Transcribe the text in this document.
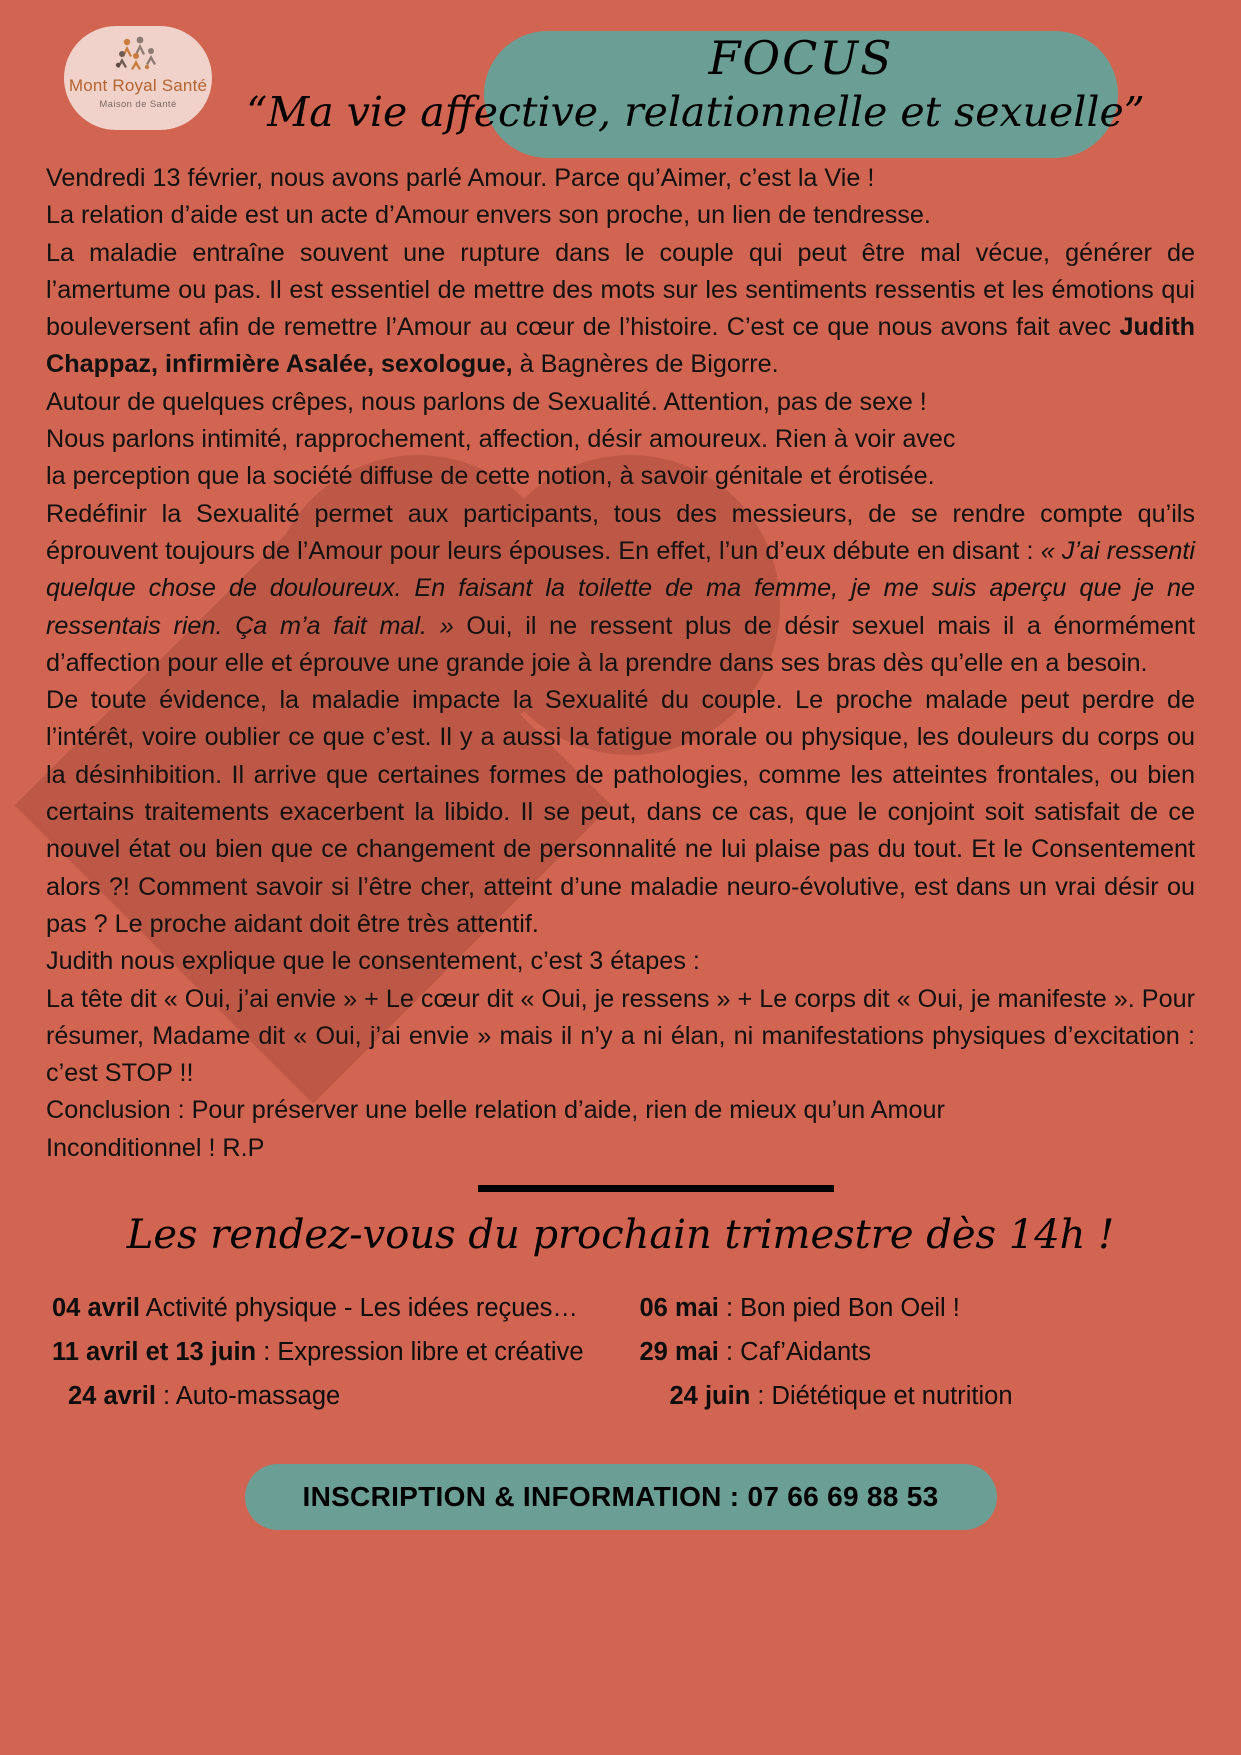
Mont Royal Santé
Maison de Santé
FOCUS
“Ma vie affective, relationnelle et sexuelle”

Vendredi 13 février, nous avons parlé Amour. Parce qu’Aimer, c’est la Vie !

La relation d’aide est un acte d’Amour envers son proche, un lien de tendresse.

La maladie entraîne souvent une rupture dans le couple qui peut être mal vécue, générer de l’amertume ou pas. Il est essentiel de mettre des mots sur les sentiments ressentis et les émotions qui bouleversent afin de remettre l’Amour au cœur de l’histoire. C’est ce que nous avons fait avec Judith Chappaz, infirmière Asalée, sexologue, à Bagnères de Bigorre.

Autour de quelques crêpes, nous parlons de Sexualité. Attention, pas de sexe !

Nous parlons intimité, rapprochement, affection, désir amoureux. Rien à voir avec

la perception que la société diffuse de cette notion, à savoir génitale et érotisée.

Redéfinir la Sexualité permet aux participants, tous des messieurs, de se rendre compte qu’ils éprouvent toujours de l’Amour pour leurs épouses. En effet, l’un d’eux débute en disant : « J’ai ressenti quelque chose de douloureux. En faisant la toilette de ma femme, je me suis aperçu que je ne ressentais rien. Ça m’a fait mal. » Oui, il ne ressent plus de désir sexuel mais il a énormément d’affection pour elle et éprouve une grande joie à la prendre dans ses bras dès qu’elle en a besoin.

De toute évidence, la maladie impacte la Sexualité du couple. Le proche malade peut perdre de l’intérêt, voire oublier ce que c’est. Il y a aussi la fatigue morale ou physique, les douleurs du corps ou la désinhibition. Il arrive que certaines formes de pathologies, comme les atteintes frontales, ou bien certains traitements exacerbent la libido. Il se peut, dans ce cas, que le conjoint soit satisfait de ce nouvel état ou bien que ce changement de personnalité ne lui plaise pas du tout. Et le Consentement alors ?! Comment savoir si l’être cher, atteint d’une maladie neuro-évolutive, est dans un vrai désir ou pas ? Le proche aidant doit être très attentif.

Judith nous explique que le consentement, c’est 3 étapes :

La tête dit « Oui, j’ai envie » + Le cœur dit « Oui, je ressens » + Le corps dit « Oui, je manifeste ». Pour résumer, Madame dit « Oui, j’ai envie » mais il n’y a ni élan, ni manifestations physiques d’excitation : c’est STOP !!

Conclusion : Pour préserver une belle relation d’aide, rien de mieux qu’un Amour

Inconditionnel ! R.P

Les rendez-vous du prochain trimestre dès 14h !
04 avril Activité physique - Les idées reçues…
11 avril et 13 juin : Expression libre et créative
24 avril : Auto-massage
06 mai : Bon pied Bon Oeil !
29 mai : Caf’Aidants
24 juin : Diététique et nutrition
INSCRIPTION & INFORMATION : 07 66 69 88 53
